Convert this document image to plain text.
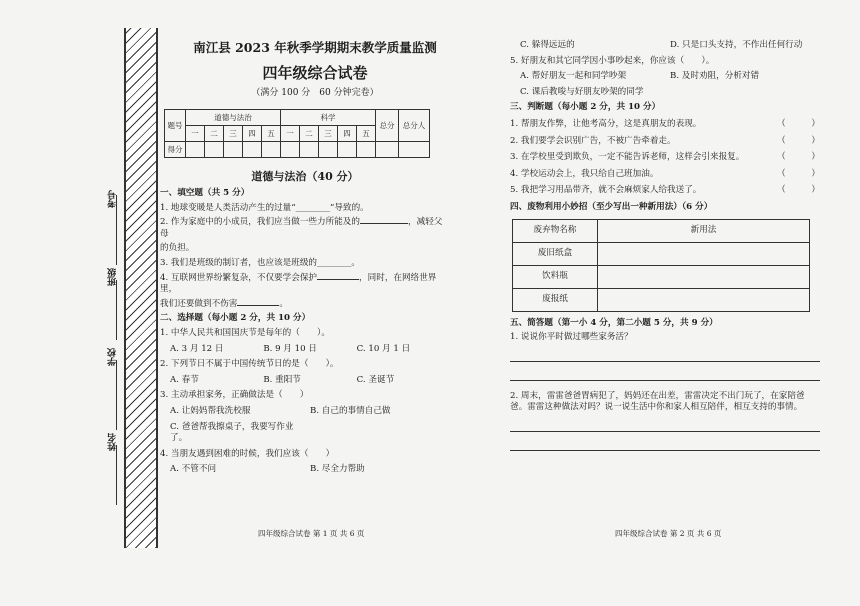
考号
班级
学校
姓名
南江县 2023 年秋季学期期末教学质量监测
四年级综合试卷
（满分 100 分　60 分钟完卷）
题号	道德与法治					科学					总分	总分人
	一	二	三	四	五	一	二	三	四	五		
得分												
道德与法治（40 分）
一、填空题（共 5 分）
1. 地球变暖是人类活动产生的过量“________”导致的。
2. 作为家庭中的小成员，我们应当做一些力所能及的	，减轻父母
的负担。
3. 我们是班级的制订者，也应该是班级的________。
4. 互联网世界纷繁复杂，不仅要学会保护	，同时，在网络世界里，
我们还要做到不伤害	。
二、选择题（每小题 2 分，共 10 分）
1. 中华人民共和国国庆节是每年的（　　）。
A. 3 月 12 日	B. 9 月 10 日	C. 10 月 1 日
2. 下列节日不属于中国传统节日的是（　　）。
A. 春节	B. 重阳节	C. 圣诞节
3. 主动承担家务，正确做法是（　　）
A. 让妈妈帮我洗校服	B. 自己的事情自己做
C. 爸爸帮我擦桌子，我要写作业了。
4. 当朋友遇到困难的时候，我们应该（　　）
A. 不管不问	B. 尽全力帮助
四年级综合试卷 第 1 页 共 6 页
C. 躲得远远的	D. 只是口头支持，不作出任何行动
5. 好朋友和其它同学因小事吵起来，你应该（　　）。
A. 帮好朋友一起和同学吵架	B. 及时劝阻，分析对错
C. 课后教唆与好朋友吵架的同学
三、判断题（每小题 2 分，共 10 分）
1. 帮朋友作弊，让他考高分，这是真朋友的表现。	（　　　）
2. 我们要学会识别广告，不被广告牵着走。	（　　　）
3. 在学校里受到欺负，一定不能告诉老师，这样会引来报复。	（　　　）
4. 学校运动会上，我只给自己班加油。	（　　　）
5. 我把学习用品带齐，就不会麻烦家人给我送了。	（　　　）
四、废物利用小妙招（至少写出一种新用法）（6 分）
废弃物名称	新用法
废旧纸盒	
饮料瓶	
废报纸	
五、简答题（第一小 4 分，第二小题 5 分，共 9 分）
1. 说说你平时做过哪些家务活？
2. 周末，雷雷爸爸胃病犯了，妈妈还在出差，雷雷决定不出门玩了，在家陪爸爸。雷雷这种做法对吗？说一说生活中你和家人相互陪伴，相互支持的事情。
四年级综合试卷 第 2 页 共 6 页
